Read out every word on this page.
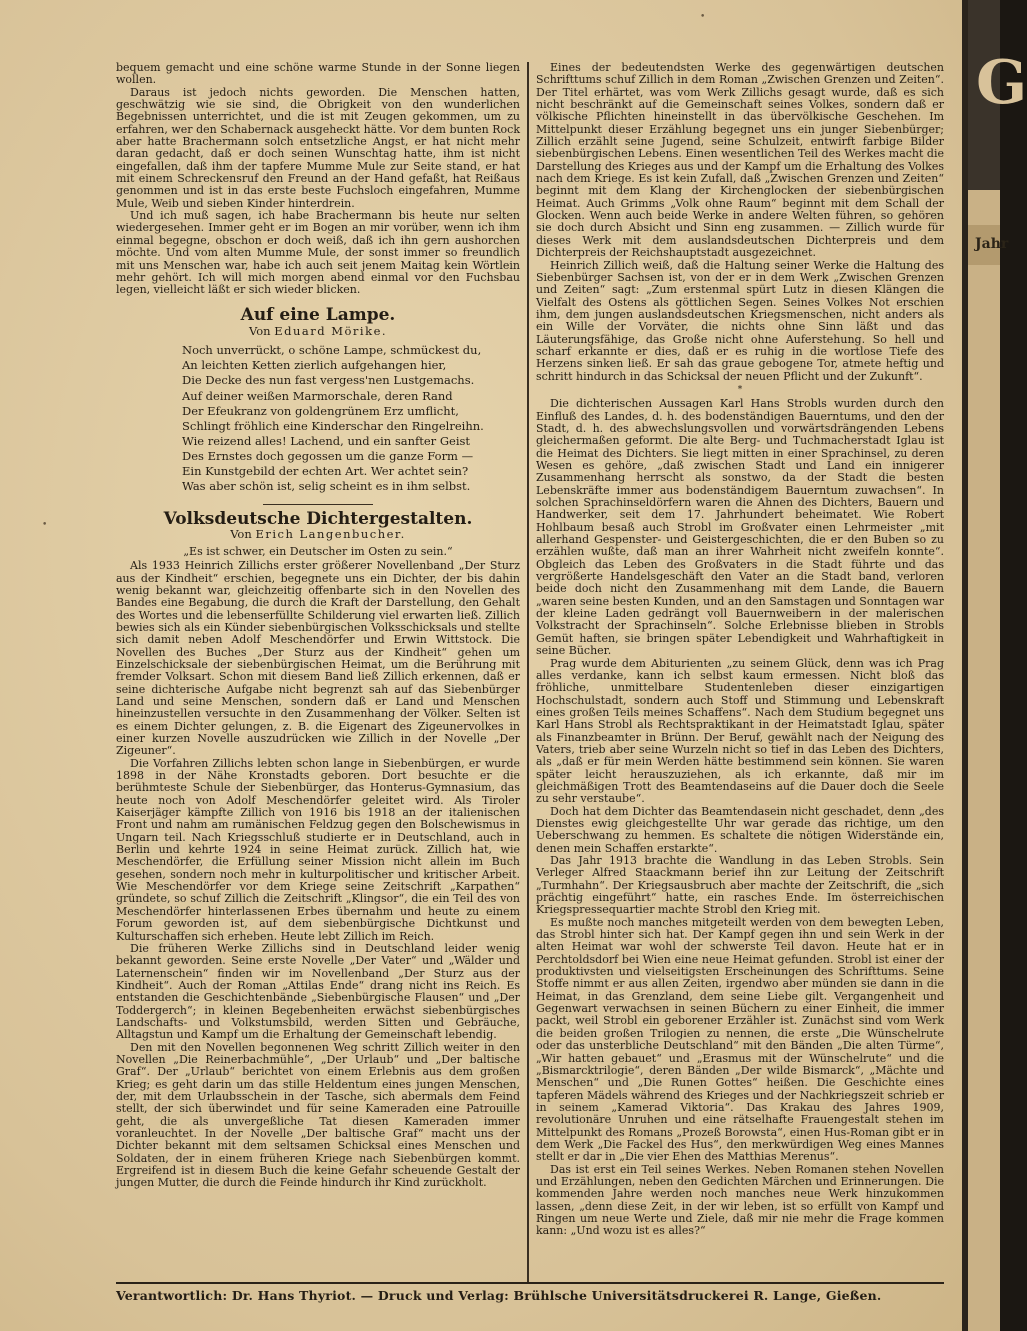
bequem gemacht und eine schöne warme Stunde in der Sonne liegen wollen.

Daraus ist jedoch nichts geworden. Die Menschen hatten, geschwätzig wie sie sind, die Obrigkeit von den wunderlichen Begebnissen unterrichtet, und die ist mit Zeugen gekommen, um zu erfahren, wer den Schabernack ausgeheckt hätte. Vor dem bunten Rock aber hatte Brachermann solch entsetzliche Angst, er hat nicht mehr daran gedacht, daß er doch seinen Wunschtag hatte, ihm ist nicht eingefallen, daß ihm der tapfere Mumme Mule zur Seite stand, er hat mit einem Schreckensruf den Freund an der Hand gefaßt, hat Reißaus genommen und ist in das erste beste Fuchsloch eingefahren, Mumme Mule, Weib und sieben Kinder hinterdrein.

Und ich muß sagen, ich habe Brachermann bis heute nur selten wiedergesehen. Immer geht er im Bogen an mir vorüber, wenn ich ihm einmal begegne, obschon er doch weiß, daß ich ihn gern aushorchen möchte. Und vom alten Mumme Mule, der sonst immer so freundlich mit uns Menschen war, habe ich auch seit jenem Maitag kein Wörtlein mehr gehört. Ich will mich morgen abend einmal vor den Fuchsbau legen, vielleicht läßt er sich wieder blicken.

Auf eine Lampe.
Von Eduard Mörike.
Noch unverrückt, o schöne Lampe, schmückest du,
An leichten Ketten zierlich aufgehangen hier,
Die Decke des nun fast vergess'nen Lustgemachs.
Auf deiner weißen Marmorschale, deren Rand
Der Efeukranz von goldengrünem Erz umflicht,
Schlingt fröhlich eine Kinderschar den Ringelreihn.
Wie reizend alles! Lachend, und ein sanfter Geist
Des Ernstes doch gegossen um die ganze Form —
Ein Kunstgebild der echten Art. Wer achtet sein?
Was aber schön ist, selig scheint es in ihm selbst.
Volksdeutsche Dichtergestalten.
Von Erich Langenbucher.
„Es ist schwer, ein Deutscher im Osten zu sein.“

Als 1933 Heinrich Zillichs erster größerer Novellenband „Der Sturz aus der Kindheit“ erschien, begegnete uns ein Dichter, der bis dahin wenig bekannt war, gleichzeitig offenbarte sich in den Novellen des Bandes eine Begabung, die durch die Kraft der Darstellung, den Gehalt des Wortes und die lebenserfüllte Schilderung viel erwarten ließ. Zillich bewies sich als ein Künder siebenbürgischen Volksschicksals und stellte sich damit neben Adolf Meschendörfer und Erwin Wittstock. Die Novellen des Buches „Der Sturz aus der Kindheit“ gehen um Einzelschicksale der siebenbürgischen Heimat, um die Berührung mit fremder Volksart. Schon mit diesem Band ließ Zillich erkennen, daß er seine dichterische Aufgabe nicht begrenzt sah auf das Siebenbürger Land und seine Menschen, sondern daß er Land und Menschen hineinzustellen versuchte in den Zusammenhang der Völker. Selten ist es einem Dichter gelungen, z. B. die Eigenart des Zigeunervolkes in einer kurzen Novelle auszudrücken wie Zillich in der Novelle „Der Zigeuner“.

Die Vorfahren Zillichs lebten schon lange in Siebenbürgen, er wurde 1898 in der Nähe Kronstadts geboren. Dort besuchte er die berühmteste Schule der Siebenbürger, das Honterus-Gymnasium, das heute noch von Adolf Meschendörfer geleitet wird. Als Tiroler Kaiserjäger kämpfte Zillich von 1916 bis 1918 an der italienischen Front und nahm am rumänischen Feldzug gegen den Bolschewismus in Ungarn teil. Nach Kriegsschluß studierte er in Deutschland, auch in Berlin und kehrte 1924 in seine Heimat zurück. Zillich hat, wie Meschendörfer, die Erfüllung seiner Mission nicht allein im Buch gesehen, sondern noch mehr in kulturpolitischer und kritischer Arbeit. Wie Meschendörfer vor dem Kriege seine Zeitschrift „Karpathen“ gründete, so schuf Zillich die Zeitschrift „Klingsor“, die ein Teil des von Meschendörfer hinterlassenen Erbes übernahm und heute zu einem Forum geworden ist, auf dem siebenbürgische Dichtkunst und Kulturschaffen sich erheben. Heute lebt Zillich im Reich.

Die früheren Werke Zillichs sind in Deutschland leider wenig bekannt geworden. Seine erste Novelle „Der Vater“ und „Wälder und Laternenschein“ finden wir im Novellenband „Der Sturz aus der Kindheit“. Auch der Roman „Attilas Ende“ drang nicht ins Reich. Es entstanden die Geschichtenbände „Siebenbürgische Flausen“ und „Der Toddergerch“; in kleinen Begebenheiten erwächst siebenbürgisches Landschafts- und Volkstumsbild, werden Sitten und Gebräuche, Alltagstun und Kampf um die Erhaltung der Gemeinschaft lebendig.

Den mit den Novellen begonnenen Weg schritt Zillich weiter in den Novellen „Die Reinerbachmühle“, „Der Urlaub“ und „Der baltische Graf“. Der „Urlaub“ berichtet von einem Erlebnis aus dem großen Krieg; es geht darin um das stille Heldentum eines jungen Menschen, der, mit dem Urlaubsschein in der Tasche, sich abermals dem Feind stellt, der sich überwindet und für seine Kameraden eine Patrouille geht, die als unvergeßliche Tat diesen Kameraden immer voranleuchtet. In der Novelle „Der baltische Graf“ macht uns der Dichter bekannt mit dem seltsamen Schicksal eines Menschen und Soldaten, der in einem früheren Kriege nach Siebenbürgen kommt. Ergreifend ist in diesem Buch die keine Gefahr scheuende Gestalt der jungen Mutter, die durch die Feinde hindurch ihr Kind zurückholt.

Eines der bedeutendsten Werke des gegenwärtigen deutschen Schrifttums schuf Zillich in dem Roman „Zwischen Grenzen und Zeiten“. Der Titel erhärtet, was vom Werk Zillichs gesagt wurde, daß es sich nicht beschränkt auf die Gemeinschaft seines Volkes, sondern daß er völkische Pflichten hineinstellt in das übervölkische Geschehen. Im Mittelpunkt dieser Erzählung begegnet uns ein junger Siebenbürger; Zillich erzählt seine Jugend, seine Schulzeit, entwirft farbige Bilder siebenbürgischen Lebens. Einen wesentlichen Teil des Werkes macht die Darstellung des Krieges aus und der Kampf um die Erhaltung des Volkes nach dem Kriege. Es ist kein Zufall, daß „Zwischen Grenzen und Zeiten“ beginnt mit dem Klang der Kirchenglocken der siebenbürgischen Heimat. Auch Grimms „Volk ohne Raum“ beginnt mit dem Schall der Glocken. Wenn auch beide Werke in andere Welten führen, so gehören sie doch durch Absicht und Sinn eng zusammen. — Zillich wurde für dieses Werk mit dem auslandsdeutschen Dichterpreis und dem Dichterpreis der Reichshauptstadt ausgezeichnet.

Heinrich Zillich weiß, daß die Haltung seiner Werke die Haltung des Siebenbürger Sachsen ist, von der er in dem Werk „Zwischen Grenzen und Zeiten“ sagt: „Zum erstenmal spürt Lutz in diesen Klängen die Vielfalt des Ostens als göttlichen Segen. Seines Volkes Not erschien ihm, dem jungen auslandsdeutschen Kriegsmenschen, nicht anders als ein Wille der Vorväter, die nichts ohne Sinn läßt und das Läuterungsfähige, das Große nicht ohne Auferstehung. So hell und scharf erkannte er dies, daß er es ruhig in die wortlose Tiefe des Herzens sinken ließ. Er sah das graue gebogene Tor, atmete heftig und schritt hindurch in das Schicksal der neuen Pflicht und der Zukunft“.

*

Die dichterischen Aussagen Karl Hans Strobls wurden durch den Einfluß des Landes, d. h. des bodenständigen Bauerntums, und den der Stadt, d. h. des abwechslungsvollen und vorwärtsdrängenden Lebens gleichermaßen geformt. Die alte Berg- und Tuchmacherstadt Iglau ist die Heimat des Dichters. Sie liegt mitten in einer Sprachinsel, zu deren Wesen es gehöre, „daß zwischen Stadt und Land ein innigerer Zusammenhang herrscht als sonstwo, da der Stadt die besten Lebenskräfte immer aus bodenständigem Bauerntum zuwachsen“. In solchen Sprachinseldörfern waren die Ahnen des Dichters, Bauern und Handwerker, seit dem 17. Jahrhundert beheimatet. Wie Robert Hohlbaum besaß auch Strobl im Großvater einen Lehrmeister „mit allerhand Gespenster- und Geistergeschichten, die er den Buben so zu erzählen wußte, daß man an ihrer Wahrheit nicht zweifeln konnte“. Obgleich das Leben des Großvaters in die Stadt führte und das vergrößerte Handelsgeschäft den Vater an die Stadt band, verloren beide doch nicht den Zusammenhang mit dem Lande, die Bauern „waren seine besten Kunden, und an den Samstagen und Sonntagen war der kleine Laden gedrängt voll Bauernweibern in der malerischen Volkstracht der Sprachinseln“. Solche Erlebnisse blieben in Strobls Gemüt haften, sie bringen später Lebendigkeit und Wahrhaftigkeit in seine Bücher.

Prag wurde dem Abiturienten „zu seinem Glück, denn was ich Prag alles verdanke, kann ich selbst kaum ermessen. Nicht bloß das fröhliche, unmittelbare Studentenleben dieser einzigartigen Hochschulstadt, sondern auch Stoff und Stimmung und Lebenskraft eines großen Teils meines Schaffens“. Nach dem Studium begegnet uns Karl Hans Strobl als Rechtspraktikant in der Heimatstadt Iglau, später als Finanzbeamter in Brünn. Der Beruf, gewählt nach der Neigung des Vaters, trieb aber seine Wurzeln nicht so tief in das Leben des Dichters, als „daß er für mein Werden hätte bestimmend sein können. Sie waren später leicht herauszuziehen, als ich erkannte, daß mir im gleichmäßigen Trott des Beamtendaseins auf die Dauer doch die Seele zu sehr verstaube“.

Doch hat dem Dichter das Beamtendasein nicht geschadet, denn „des Dienstes ewig gleichgestellte Uhr war gerade das richtige, um den Ueberschwang zu hemmen. Es schaltete die nötigen Widerstände ein, denen mein Schaffen erstarkte“.

Das Jahr 1913 brachte die Wandlung in das Leben Strobls. Sein Verleger Alfred Staackmann berief ihn zur Leitung der Zeitschrift „Turmhahn“. Der Kriegsausbruch aber machte der Zeitschrift, die „sich prächtig eingeführt“ hatte, ein rasches Ende. Im österreichischen Kriegspressequartier machte Strobl den Krieg mit.

Es mußte noch manches mitgeteilt werden von dem bewegten Leben, das Strobl hinter sich hat. Der Kampf gegen ihn und sein Werk in der alten Heimat war wohl der schwerste Teil davon. Heute hat er in Perchtoldsdorf bei Wien eine neue Heimat gefunden. Strobl ist einer der produktivsten und vielseitigsten Erscheinungen des Schrifttums. Seine Stoffe nimmt er aus allen Zeiten, irgendwo aber münden sie dann in die Heimat, in das Grenzland, dem seine Liebe gilt. Vergangenheit und Gegenwart verwachsen in seinen Büchern zu einer Einheit, die immer packt, weil Strobl ein geborener Erzähler ist. Zunächst sind vom Werk die beiden großen Trilogien zu nennen, die erste „Die Wünschelrute oder das unsterbliche Deutschland“ mit den Bänden „Die alten Türme“, „Wir hatten gebauet“ und „Erasmus mit der Wünschelrute“ und die „Bismarcktrilogie“, deren Bänden „Der wilde Bismarck“, „Mächte und Menschen“ und „Die Runen Gottes“ heißen. Die Geschichte eines tapferen Mädels während des Krieges und der Nachkriegszeit schrieb er in seinem „Kamerad Viktoria“. Das Krakau des Jahres 1909, revolutionäre Unruhen und eine rätselhafte Frauengestalt stehen im Mittelpunkt des Romans „Prozeß Borowsta“, einen Hus-Roman gibt er in dem Werk „Die Fackel des Hus“, den merkwürdigen Weg eines Mannes stellt er dar in „Die vier Ehen des Matthias Merenus“.

Das ist erst ein Teil seines Werkes. Neben Romanen stehen Novellen und Erzählungen, neben den Gedichten Märchen und Erinnerungen. Die kommenden Jahre werden noch manches neue Werk hinzukommen lassen, „denn diese Zeit, in der wir leben, ist so erfüllt von Kampf und Ringen um neue Werte und Ziele, daß mir nie mehr die Frage kommen kann: „Und wozu ist es alles?“

•
•
Verantwortlich: Dr. Hans Thyriot. — Druck und Verlag: Brühlsche Universitätsdruckerei R. Lange, Gießen.
G
Jahr
